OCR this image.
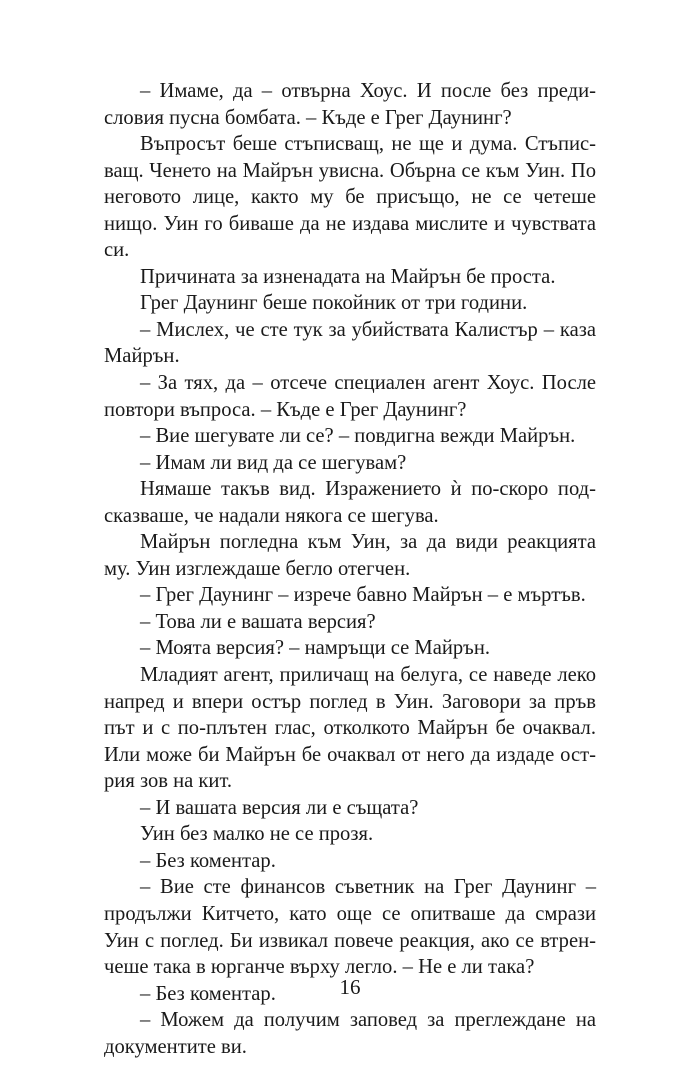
– Имаме, да – отвърна Хоус. И после без предисловия пусна бомбата. – Къде е Грег Даунинг?

Въпросът беше стъписващ, не ще и дума. Стъписващ. Ченето на Майрън увисна. Обърна се към Уин. По неговото лице, както му бе присъщо, не се четеше нищо. Уин го биваше да не издава мислите и чувствата си.

Причината за изненадата на Майрън бе проста.

Грег Даунинг беше покойник от три години.

– Мислех, че сте тук за убийствата Калистър – каза Майрън.

– За тях, да – отсече специален агент Хоус. После повтори въпроса. – Къде е Грег Даунинг?

– Вие шегувате ли се? – повдигна вежди Майрън.

– Имам ли вид да се шегувам?

Нямаше такъв вид. Изражението ѝ по-скоро подсказваше, че надали някога се шегува.

Майрън погледна към Уин, за да види реакцията му. Уин изглеждаше бегло отегчен.

– Грег Даунинг – изрече бавно Майрън – е мъртъв.

– Това ли е вашата версия?

– Моята версия? – намръщи се Майрън.

Младият агент, приличащ на белуга, се наведе леко напред и впери остър поглед в Уин. Заговори за пръв път и с по-плътен глас, отколкото Майрън бе очаквал. Или може би Майрън бе очаквал от него да издаде острия зов на кит.

– И вашата версия ли е същата?

Уин без малко не се прозя.

– Без коментар.

– Вие сте финансов съветник на Грег Даунинг – продължи Китчето, като още се опитваше да смрази Уин с поглед. Би извикал повече реакция, ако се втренчеше така в юрганче върху легло. – Не е ли така?

– Без коментар.

– Можем да получим заповед за преглеждане на документите ви.

16
